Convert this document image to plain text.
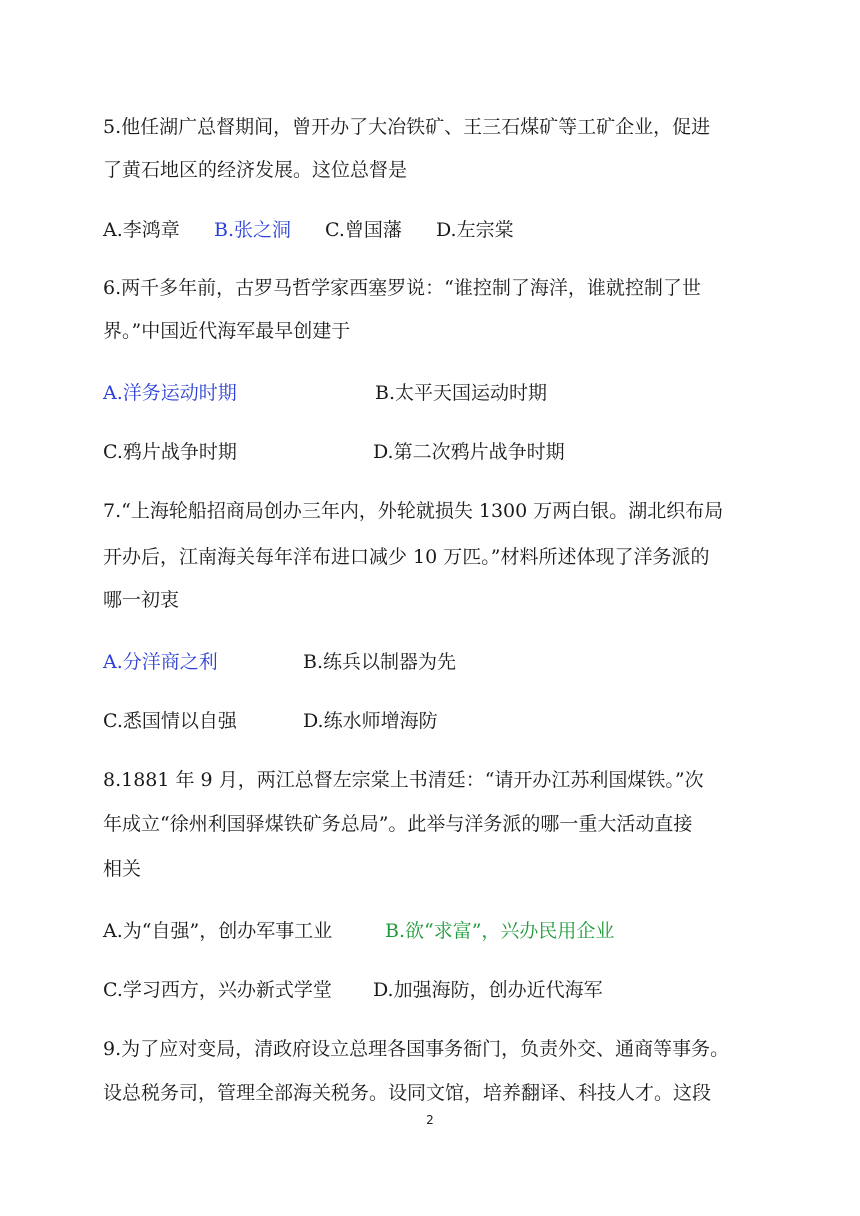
5.他任湖广总督期间，曾开办了大冶铁矿、王三石煤矿等工矿企业，促进
了黄石地区的经济发展。这位总督是
A.李鸿章 B.张之洞 C.曾国藩 D.左宗棠
6.两千多年前，古罗马哲学家西塞罗说：“谁控制了海洋，谁就控制了世
界。”中国近代海军最早创建于
A.洋务运动时期	B.太平天国运动时期
C.鸦片战争时期	D.第二次鸦片战争时期
7.“上海轮船招商局创办三年内，外轮就损失 1300 万两白银。湖北织布局
开办后，江南海关每年洋布进口减少 10 万匹。”材料所述体现了洋务派的
哪一初衷
A.分洋商之利	B.练兵以制器为先
C.悉国情以自强	D.练水师增海防
8.1881 年 9 月，两江总督左宗棠上书清廷：“请开办江苏利国煤铁。”次
年成立“徐州利国驿煤铁矿务总局”。此举与洋务派的哪一重大活动直接
相关
A.为“自强”，创办军事工业	B.欲“求富”，兴办民用企业
C.学习西方，兴办新式学堂 D.加强海防，创办近代海军
9.为了应对变局，清政府设立总理各国事务衙门，负责外交、通商等事务。
设总税务司，管理全部海关税务。设同文馆，培养翻译、科技人才。这段
2
